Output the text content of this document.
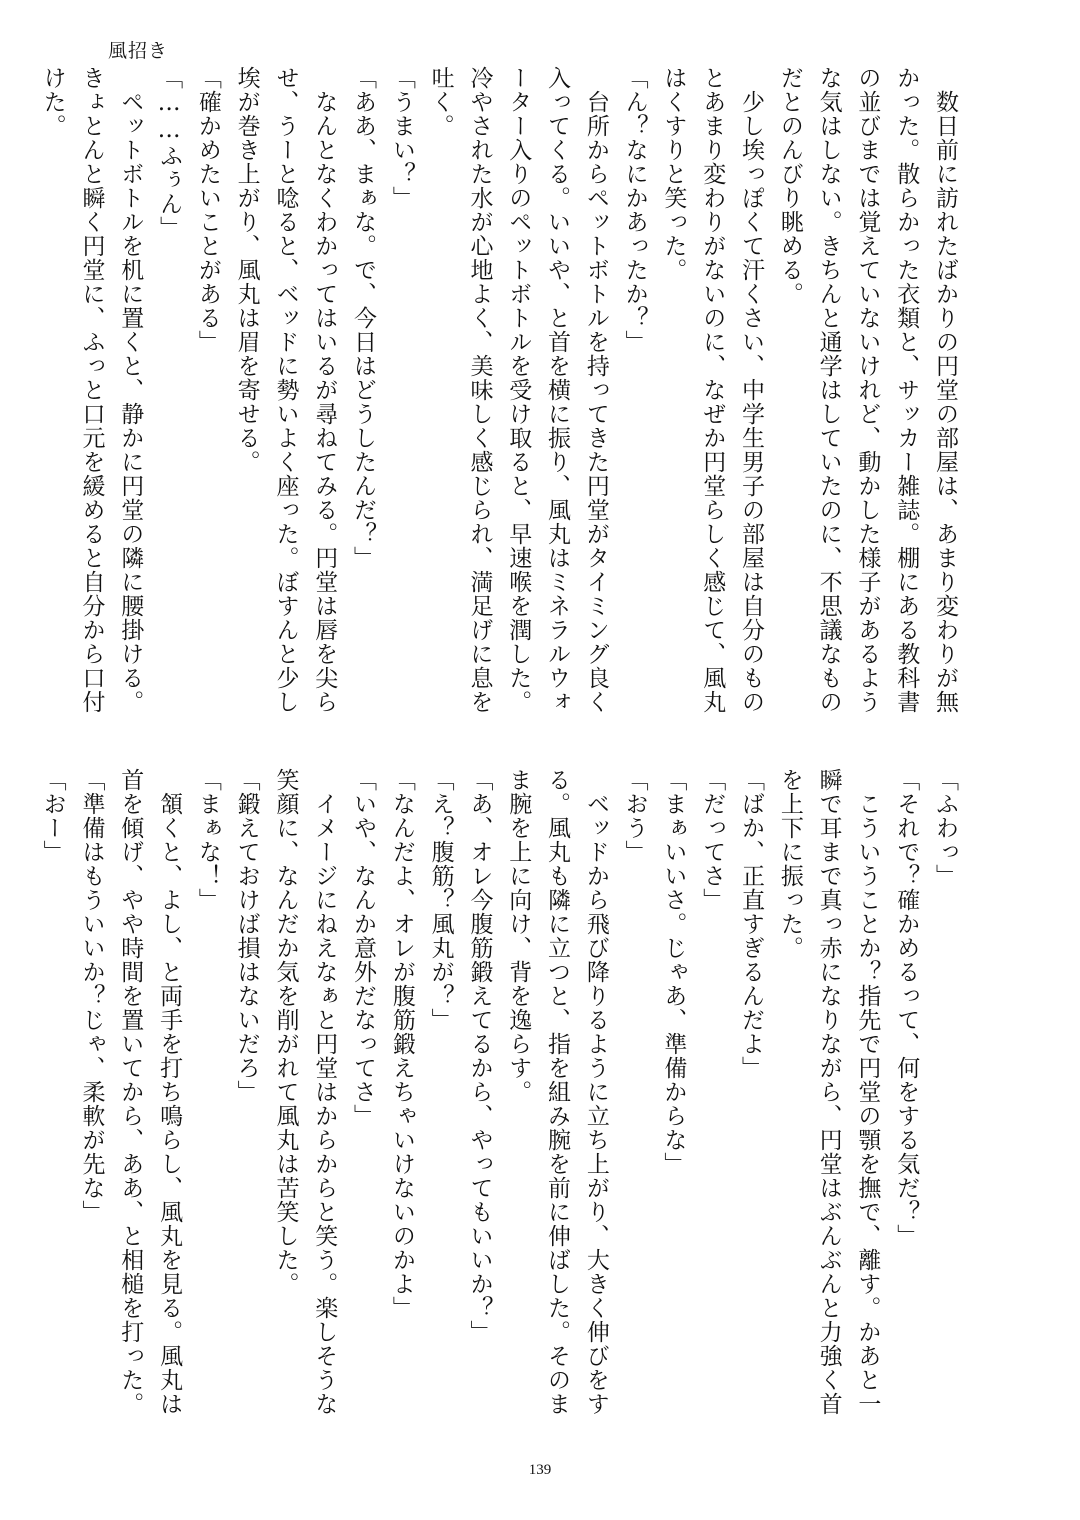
風招き
　数日前に訪れたばかりの円堂の部屋は、あまり変わりが無
かった。散らかった衣類と、サッカー雑誌。棚にある教科書
の並びまでは覚えていないけれど、動かした様子があるよう
な気はしない。きちんと通学はしていたのに、不思議なもの
だとのんびり眺める。
　少し埃っぽくて汗くさい、中学生男子の部屋は自分のもの
とあまり変わりがないのに、なぜか円堂らしく感じて、風丸
はくすりと笑った。
「ん？なにかあったか？」
　台所からペットボトルを持ってきた円堂がタイミング良く
入ってくる。いいや、と首を横に振り、風丸はミネラルウォ
ーター入りのペットボトルを受け取ると、早速喉を潤した。
冷やされた水が心地よく、美味しく感じられ、満足げに息を
吐く。
「うまい？」
「ああ、まぁな。で、今日はどうしたんだ？」
　なんとなくわかってはいるが尋ねてみる。円堂は唇を尖ら
せ、うーと唸ると、ベッドに勢いよく座った。ぼすんと少し
埃が巻き上がり、風丸は眉を寄せる。
「確かめたいことがある」
「……ふぅん」
　ペットボトルを机に置くと、静かに円堂の隣に腰掛ける。
きょとんと瞬く円堂に、ふっと口元を緩めると自分から口付
けた。
「ふわっ」
「それで？確かめるって、何をする気だ？」
　こういうことか？指先で円堂の顎を撫で、離す。かあと一
瞬で耳まで真っ赤になりながら、円堂はぶんぶんと力強く首
を上下に振った。
「ばか、正直すぎるんだよ」
「だってさ」
「まぁいいさ。じゃあ、準備からな」
「おう」
　ベッドから飛び降りるように立ち上がり、大きく伸びをす
る。風丸も隣に立つと、指を組み腕を前に伸ばした。そのま
ま腕を上に向け、背を逸らす。
「あ、オレ今腹筋鍛えてるから、やってもいいか？」
「え？腹筋？風丸が？」
「なんだよ、オレが腹筋鍛えちゃいけないのかよ」
「いや、なんか意外だなってさ」
　イメージにねえなぁと円堂はからからと笑う。楽しそうな
笑顔に、なんだか気を削がれて風丸は苦笑した。
「鍛えておけば損はないだろ」
「まぁな！」
　頷くと、よし、と両手を打ち鳴らし、風丸を見る。風丸は
首を傾げ、やや時間を置いてから、ああ、と相槌を打った。
「準備はもういいか？じゃ、柔軟が先な」
「おー」
139
